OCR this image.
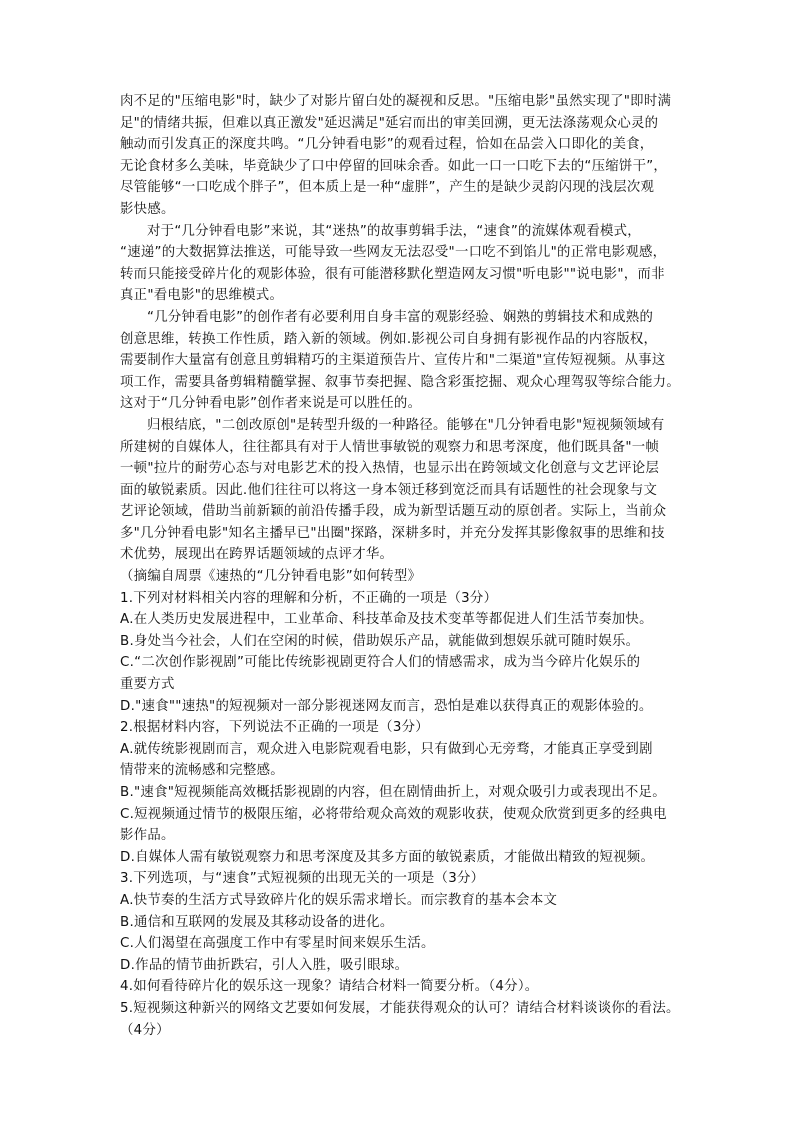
肉不足的"压缩电影"时，缺少了对影片留白处的凝视和反思。"压缩电影"虽然实现了"即时满
足"的情绪共振，但难以真正激发"延迟满足"延宕而出的审美回溯，更无法涤荡观众心灵的
触动而引发真正的深度共鸣。“几分钟看电影”的观看过程，恰如在品尝入口即化的美食，
无论食材多么美味，毕竟缺少了口中停留的回味余香。如此一口一口吃下去的“压缩饼干”，
尽管能够“一口吃成个胖子”，但本质上是一种“虚胖”，产生的是缺少灵韵闪现的浅层次观
影快感。
对于“几分钟看电影”来说，其“迷热”的故事剪辑手法，“速食”的流媒体观看模式，
“速递”的大数据算法推送，可能导致一些网友无法忍受"一口吃不到馅儿"的正常电影观感，
转而只能接受碎片化的观影体验，很有可能潜移默化塑造网友习惯"听电影""说电影"，而非
真正"看电影"的思维模式。
“几分钟看电影”的创作者有必要利用自身丰富的观影经验、娴熟的剪辑技术和成熟的
创意思维，转换工作性质，踏入新的领域。例如.影视公司自身拥有影视作品的内容版权，
需要制作大量富有创意且剪辑精巧的主渠道预告片、宣传片和"二渠道"宣传短视频。从事这
项工作，需要具备剪辑精髓掌握、叙事节奏把握、隐含彩蛋挖掘、观众心理驾驭等综合能力。
这对于“几分钟看电影”创作者来说是可以胜任的。
归根结底，"二创改原创"是转型升级的一种路径。能够在"几分钟看电影"短视频领域有
所建树的自媒体人，往往都具有对于人情世事敏锐的观察力和思考深度，他们既具备"一帧
一顿"拉片的耐劳心态与对电影艺术的投入热情，也显示出在跨领域文化创意与文艺评论层
面的敏锐素质。因此.他们往往可以将这一身本领迁移到宽泛而具有话题性的社会现象与文
艺评论领域，借助当前新颖的前沿传播手段，成为新型话题互动的原创者。实际上，当前众
多"几分钟看电影"知名主播早已"出圈"探路，深耕多时，并充分发挥其影像叙事的思维和技
术优势，展现出在跨界话题领域的点评才华。
（摘编自周票《速热的“几分钟看电影”如何转型》
1.下列对材料相关内容的理解和分析，不正确的一项是（3分）
A.在人类历史发展进程中，工业革命、科技革命及技术变革等都促进人们生活节奏加快。
B.身处当今社会，人们在空闲的时候，借助娱乐产品，就能做到想娱乐就可随时娱乐。
C.“二次创作影视剧”可能比传统影视剧更符合人们的情感需求，成为当今碎片化娱乐的
重要方式
D."速食""速热"的短视频对一部分影视迷网友而言，恐怕是难以获得真正的观影体验的。
2.根据材料内容，下列说法不正确的一项是（3分）
A.就传统影视剧而言，观众进入电影院观看电影，只有做到心无旁骛，才能真正享受到剧
情带来的流畅感和完整感。
B."速食"短视频能高效概括影视剧的内容，但在剧情曲折上，对观众吸引力或表现出不足。
C.短视频通过情节的极限压缩，必将带给观众高效的观影收获，使观众欣赏到更多的经典电
影作品。
D.自媒体人需有敏锐观察力和思考深度及其多方面的敏锐素质，才能做出精致的短视频。
3.下列选项，与“速食”式短视频的出现无关的一项是（3分）
A.快节奏的生活方式导致碎片化的娱乐需求增长。而宗教育的基本会本文
B.通信和互联网的发展及其移动设备的进化。
C.人们渴望在高强度工作中有零星时间来娱乐生活。
D.作品的情节曲折跌宕，引人入胜，吸引眼球。
4.如何看待碎片化的娱乐这一现象？请结合材料一简要分析。（4分）。
5.短视频这种新兴的网络文艺要如何发展，才能获得观众的认可？请结合材料谈谈你的看法。
（4分）
